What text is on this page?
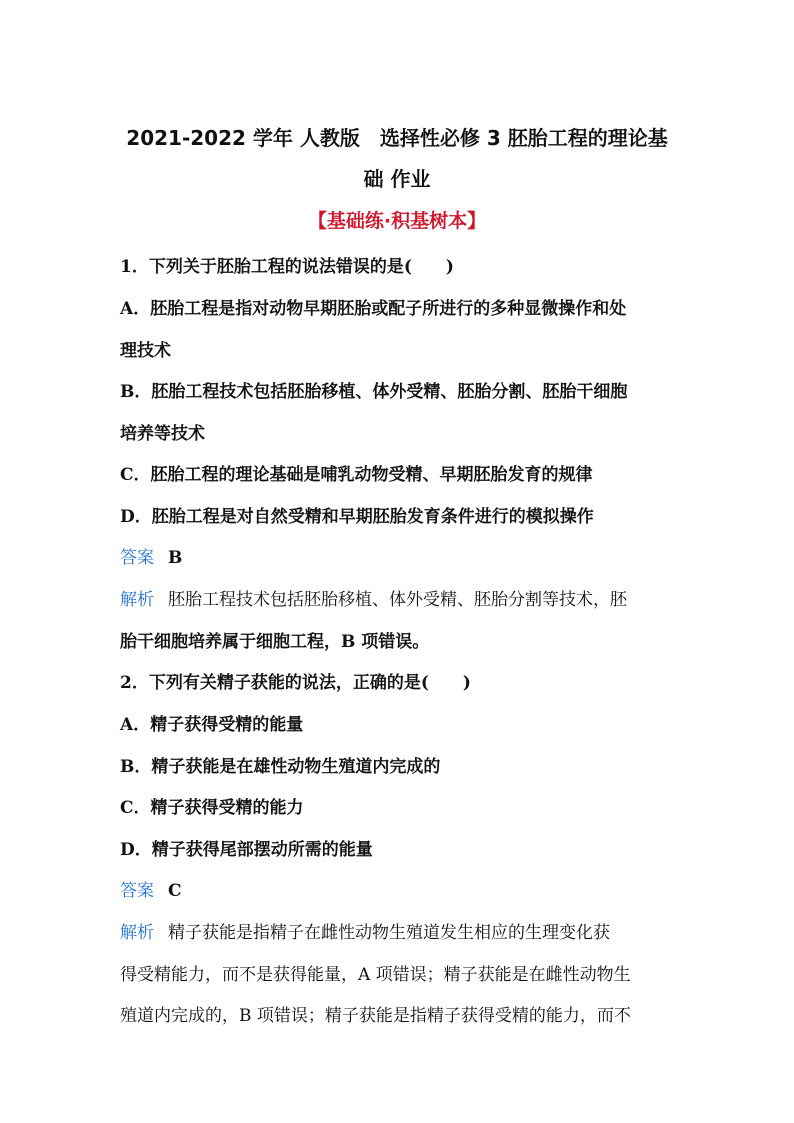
2021-2022 学年 人教版　选择性必修 3 胚胎工程的理论基
础 作业
【基础练·积基树本】
1．下列关于胚胎工程的说法错误的是(　　)
A．胚胎工程是指对动物早期胚胎或配子所进行的多种显微操作和处
理技术
B．胚胎工程技术包括胚胎移植、体外受精、胚胎分割、胚胎干细胞
培养等技术
C．胚胎工程的理论基础是哺乳动物受精、早期胚胎发育的规律
D．胚胎工程是对自然受精和早期胚胎发育条件进行的模拟操作
答案 B
解析 胚胎工程技术包括胚胎移植、体外受精、胚胎分割等技术，胚
胎干细胞培养属于细胞工程，B 项错误。
2．下列有关精子获能的说法，正确的是(　　)
A．精子获得受精的能量
B．精子获能是在雄性动物生殖道内完成的
C．精子获得受精的能力
D．精子获得尾部摆动所需的能量
答案 C
解析 精子获能是指精子在雌性动物生殖道发生相应的生理变化获
得受精能力，而不是获得能量，A 项错误；精子获能是在雌性动物生
殖道内完成的，B 项错误；精子获能是指精子获得受精的能力，而不
